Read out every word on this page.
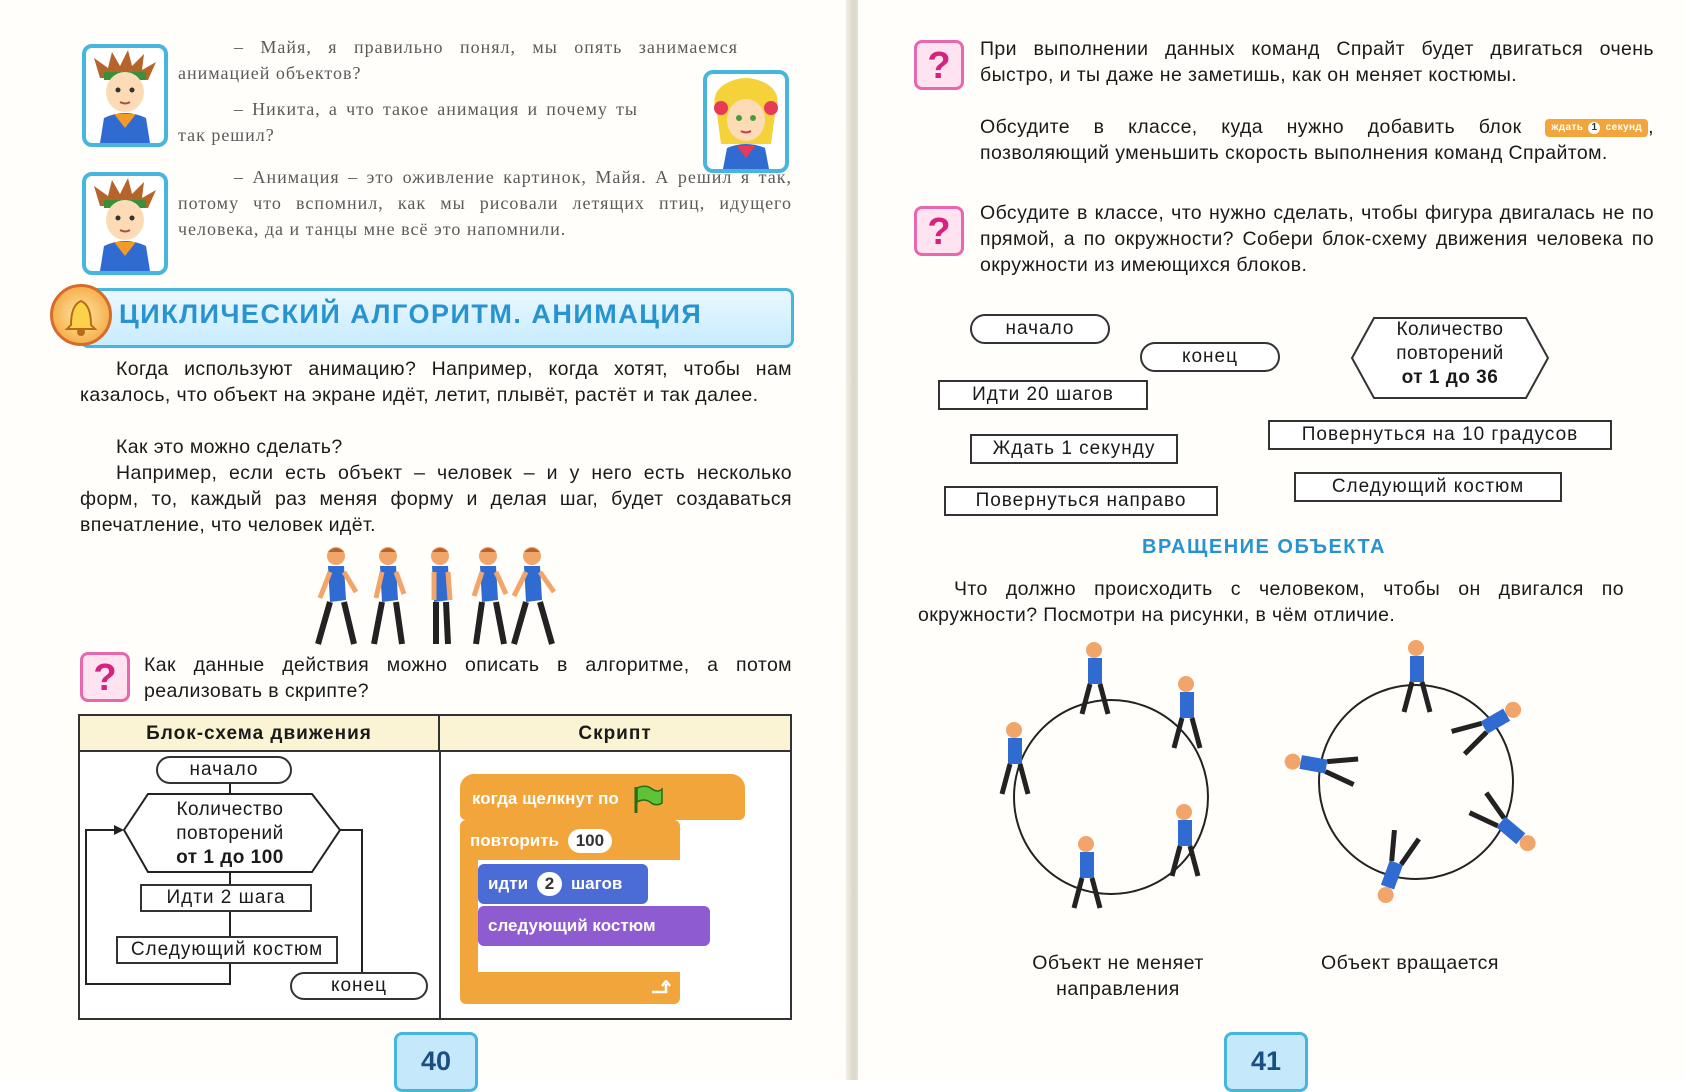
– Майя, я правильно понял, мы опять занимаемся анимацией объектов?
– Никита, а что такое анимация и почему ты так решил?
– Анимация – это оживление картинок, Майя. А решил я так, потому что вспомнил, как мы рисовали летящих птиц, идущего человека, да и танцы мне всё это напомнили.
ЦИКЛИЧЕСКИЙ АЛГОРИТМ. АНИМАЦИЯ
Когда используют анимацию? Например, когда хотят, чтобы нам казалось, что объект на экране идёт, летит, плывёт, растёт и так далее.
Как это можно сделать?
Например, если есть объект – человек – и у него есть несколько форм, то, каждый раз меняя форму и делая шаг, будет создаваться впечатление, что человек идёт.
?	Как данные действия можно описать в алгоритме, а потом реализовать в скрипте?
Блок-схема движения	Скрипт
начало
Количество
повторений
от 1 до 100
Идти 2 шага
Следующий костюм
конец
когда щелкнут по
повторить 100
идти 2 шагов
следующий костюм
40
?	При выполнении данных команд Спрайт будет двигаться очень быстро, и ты даже не заметишь, как он меняет костюмы.
Обсудите в классе, куда нужно добавить блок	ждать 1 секунд , позволяющий уменьшить скорость выполнения команд Спрайтом.
?	Обсудите в классе, что нужно сделать, чтобы фигура двигалась не по прямой, а по окружности? Собери блок-схему движения человека по окружности из имеющихся блоков.
начало
конец
Количество
повторений
от 1 до 36
Идти 20 шагов
Ждать 1 секунду
Повернуться на 10 градусов
Повернуться направо
Следующий костюм
ВРАЩЕНИЕ ОБЪЕКТА
Что должно происходить с человеком, чтобы он двигался по окружности? Посмотри на рисунки, в чём отличие.
Объект не меняет направления
Объект вращается
41
